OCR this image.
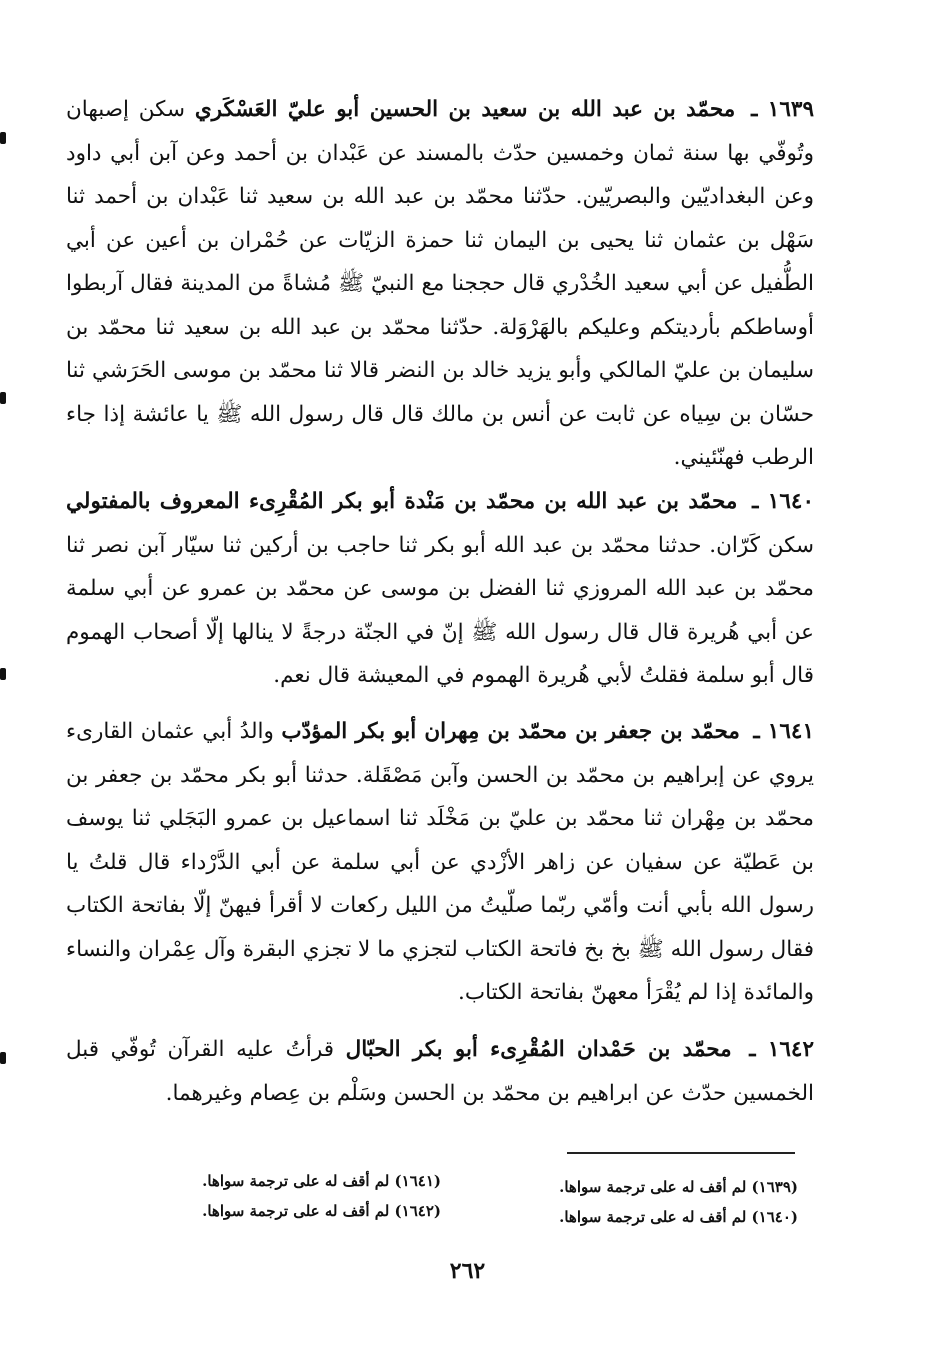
١٦٣٩ ـ محمّد بن عبد الله بن سعيد بن الحسين أبو عليّ العَسْكَري سكن إصبهان وتُوفّي بها سنة ثمان وخمسين حدّث بالمسند عن عَبْدان بن أحمد وعن آبن أبي داود وعن البغداديّين والبصريّين. حدّثنا محمّد بن عبد الله بن سعيد ثنا عَبْدان بن أحمد ثنا سَهْل بن عثمان ثنا يحيى بن اليمان ثنا حمزة الزيّات عن حُمْران بن أعين عن أبي الطُّفيل عن أبي سعيد الخُدْري قال حججنا مع النبيّ ﷺ مُشاةً من المدينة فقال آربطوا أوساطكم بأرديتكم وعليكم بالهَرْوَلة. حدّثنا محمّد بن عبد الله بن سعيد ثنا محمّد بن سليمان بن عليّ المالكي وأبو يزيد خالد بن النضر قالا ثنا محمّد بن موسى الحَرَشي ثنا حسّان بن سِياه عن ثابت عن أنس بن مالك قال قال رسول الله ﷺ يا عائشة إذا جاء الرطب فهنّئيني.
١٦٤٠ ـ محمّد بن عبد الله بن محمّد بن مَنْدة أبو بكر المُقْرِىء المعروف بالمفتولي سكن كَرّان. حدثنا محمّد بن عبد الله أبو بكر ثنا حاجب بن أركين ثنا سيّار آبن نصر ثنا محمّد بن عبد الله المروزي ثنا الفضل بن موسى عن محمّد بن عمرو عن أبي سلمة عن أبي هُريرة قال قال رسول الله ﷺ إنّ في الجنّة درجةً لا ينالها إلّا أصحاب الهموم قال أبو سلمة فقلتُ لأبي هُريرة الهموم في المعيشة قال نعم.
١٦٤١ ـ محمّد بن جعفر بن محمّد بن مِهران أبو بكر المؤدّب والدُ أبي عثمان القارىء يروي عن إبراهيم بن محمّد بن الحسن وآبن مَصْقَلة. حدثنا أبو بكر محمّد بن جعفر بن محمّد بن مِهْران ثنا محمّد بن عليّ بن مَخْلَد ثنا اسماعيل بن عمرو البَجَلي ثنا يوسف بن عَطيّة عن سفيان عن زاهر الأزْدي عن أبي سلمة عن أبي الدَّرْداء قال قلتُ يا رسول الله بأبي أنت وأمّي ربّما صلّيتُ من الليل ركعات لا أقرأ فيهنّ إلّا بفاتحة الكتاب فقال رسول الله ﷺ بخ بخ فاتحة الكتاب لتجزي ما لا تجزي البقرة وآل عِمْران والنساء والمائدة إذا لم يُقْرَأ معهنّ بفاتحة الكتاب.
١٦٤٢ ـ محمّد بن حَمْدان المُقْرِىء أبو بكر الحبّال قرأتُ عليه القرآن تُوفّي قبل الخمسين حدّث عن ابراهيم بن محمّد بن الحسن وسَلْم بن عِصام وغيرهما.
(١٦٣٩) لم أقف له على ترجمة سواها.
(١٦٤٠) لم أقف له على ترجمة سواها.
(١٦٤١) لم أقف له على ترجمة سواها.
(١٦٤٢) لم أقف له على ترجمة سواها.
٢٦٢
